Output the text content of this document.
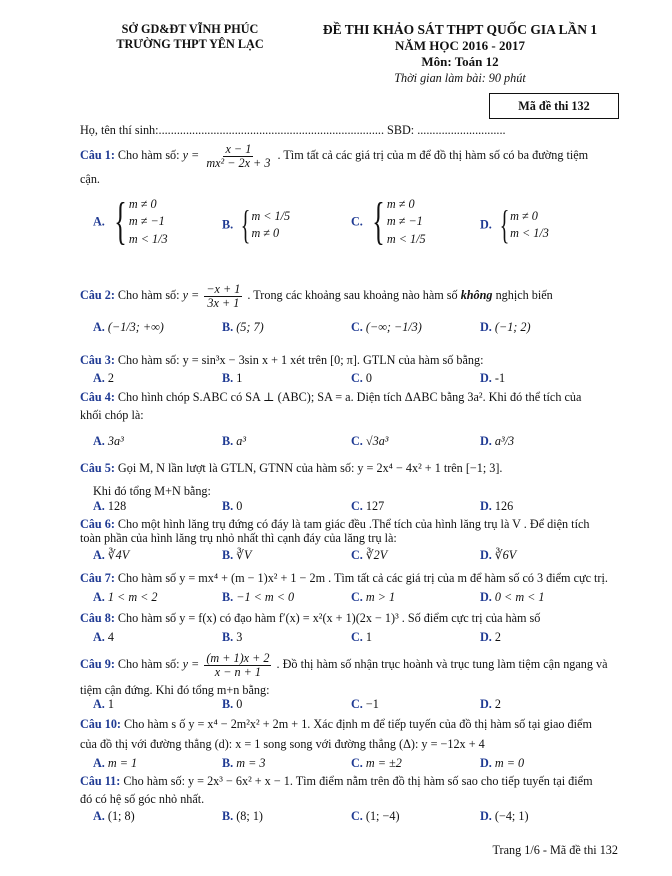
SỞ GD&ĐT VĨNH PHÚC
TRƯỜNG THPT YÊN LẠC
ĐỀ THI KHẢO SÁT THPT QUỐC GIA LẦN 1
NĂM HỌC 2016 - 2017
Môn: Toán 12
Thời gian làm bài: 90 phút
Mã đề thi 132
Họ, tên thí sinh:.......................................................................... SBD: .............................
Câu 1: Cho hàm số: $y = \frac{x - 1}{\text{mx² − 2x + 3}}$ . Tìm tất cả các giá trị của m để đồ thị hàm số có ba đường tiệm
cận.
A. { m ≠ 0
m ≠ −1
m < 1/3
B. { m < 1/5
m ≠ 0
C. { m ≠ 0
m ≠ −1
m < 1/5
D. { m ≠ 0
m < 1/3
Câu 2: Cho hàm số: $y = \frac{-x + 1}{3x + 1}$ . Trong các khoảng sau khoảng nào hàm số không nghịch biến
A. (−1/3; +∞)	B. (5; 7)	C. (−∞; −1/3)	D. (−1; 2)
Câu 3: Cho hàm số: y = sin³x − 3sin x + 1 xét trên [0; π]. GTLN của hàm số bằng:
A. 2	B. 1	C. 0	D. -1
Câu 4: Cho hình chóp S.ABC có SA ⊥ (ABC); SA = a. Diện tích ΔABC bằng 3a². Khi đó thể tích của
khối chóp là:
A. 3a³	B. a³	C. √3a³	D. a³/3
Câu 5: Gọi M, N lần lượt là GTLN, GTNN của hàm số: y = 2x⁴ − 4x² + 1 trên [−1; 3].
Khi đó tổng M+N bằng:
A. 128	B. 0	C. 127	D. 126
Câu 6: Cho một hình lăng trụ đứng có đáy là tam giác đều .Thể tích của hình lăng trụ là V . Để diện tích
toàn phần của hình lăng trụ nhỏ nhất thì cạnh đáy của lăng trụ là:
A. ∛4V	B. ∛V	C. ∛2V	D. ∛6V
Câu 7: Cho hàm số y = mx⁴ + (m − 1)x² + 1 − 2m . Tìm tất cả các giá trị của m để hàm số có 3 điểm cực trị.
A. 1 < m < 2	B. −1 < m < 0	C. m > 1	D. 0 < m < 1
Câu 8: Cho hàm số y = f(x) có đạo hàm f′(x) = x²(x + 1)(2x − 1)³ . Số điểm cực trị của hàm số
A. 4	B. 3	C. 1	D. 2
Câu 9: Cho hàm số: $y = \frac{(m + 1)x + 2}{x - n + 1}$ . Đồ thị hàm số nhận trục hoành và trục tung làm tiệm cận ngang và
tiệm cận đứng. Khi đó tổng m+n bằng:
A. 1	B. 0	C. −1	D. 2
Câu 10: Cho hàm s ố y = x⁴ − 2m²x² + 2m + 1. Xác định m để tiếp tuyến của đồ thị hàm số tại giao điểm
của đồ thị với đường thẳng (d): x = 1 song song với đường thẳng (Δ): y = −12x + 4
A. m = 1	B. m = 3	C. m = ±2	D. m = 0
Câu 11: Cho hàm số: y = 2x³ − 6x² + x − 1. Tìm điểm nằm trên đồ thị hàm số sao cho tiếp tuyến tại điểm
đó có hệ số góc nhỏ nhất.
A. (1; 8)	B. (8; 1)	C. (1; −4)	D. (−4; 1)
Trang 1/6 - Mã đề thi 132
